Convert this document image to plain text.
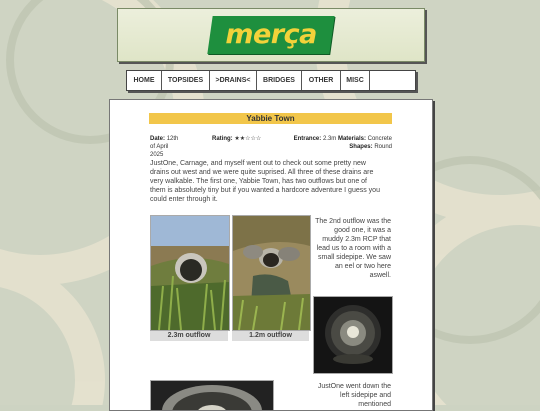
merça
HOME	TOPSIDES	>DRAINS<	BRIDGES	OTHER	MISC
Yabbie Town
Date: 12th of April 2025
Rating: ★★☆☆☆	Entrance: 2.3m Materials: Concrete
Shapes: Round
JustOne, Carnage, and myself went out to check out some pretty new drains out west and we were quite suprised. All three of these drains are very walkable. The first one, Yabbie Town, has two outflows but one of them is absolutely tiny but if you wanted a hardcore adventure I guess you could enter through it.
2.3m outflow	1.2m outflow
The 2nd outflow was the good one, it was a muddy 2.3m RCP that lead us to a room with a small sidepipe. We saw an eel or two here aswell.
JustOne went down the left sidepipe and mentioned
